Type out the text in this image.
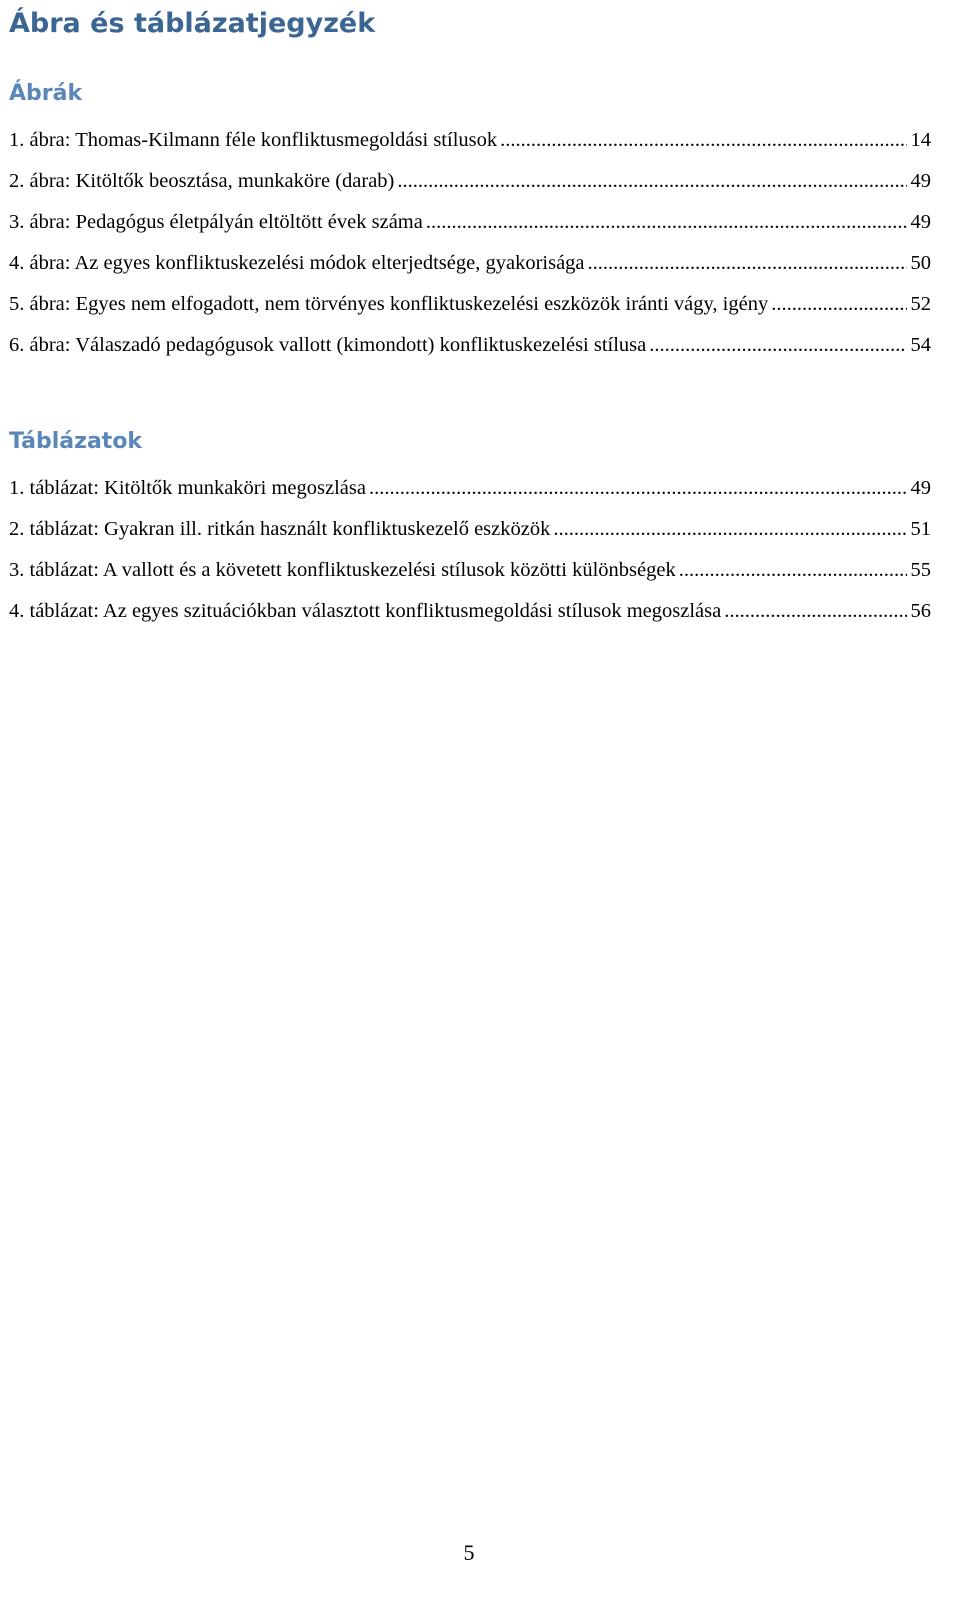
Ábra és táblázatjegyzék
Ábrák
1. ábra: Thomas-Kilmann féle konfliktusmegoldási stílusok .....	14
2. ábra: Kitöltők beosztása, munkaköre (darab) .....	49
3. ábra: Pedagógus életpályán eltöltött évek száma .....	49
4. ábra: Az egyes konfliktuskezelési módok elterjedtsége, gyakorisága .....	50
5. ábra: Egyes nem elfogadott, nem törvényes konfliktuskezelési eszközök iránti vágy, igény .....	52
6. ábra: Válaszadó pedagógusok vallott (kimondott) konfliktuskezelési stílusa .....	54
Táblázatok
1. táblázat: Kitöltők munkaköri megoszlása .....	49
2. táblázat: Gyakran ill. ritkán használt konfliktuskezelő eszközök .....	51
3. táblázat: A vallott és a követett konfliktuskezelési stílusok közötti különbségek .....	55
4. táblázat: Az egyes szituációkban választott konfliktusmegoldási stílusok megoszlása .....	56
5
